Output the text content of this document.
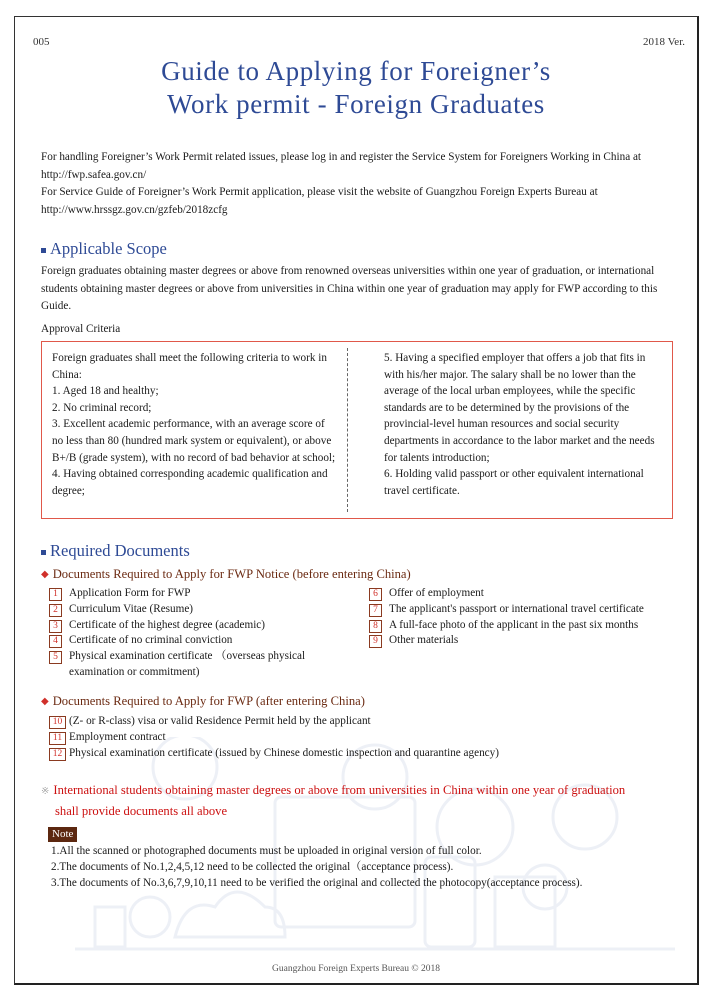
005	2018 Ver.
Guide to Applying for Foreigner’s
Work permit - Foreign Graduates

For handling Foreigner’s Work Permit related issues, please log in and register the Service System for Foreigners Working in China at http://fwp.safea.gov.cn/

For Service Guide of Foreigner’s Work Permit application, please visit the website of Guangzhou Foreign Experts Bureau at http://www.hrssgz.gov.cn/gzfeb/2018zcfg

Applicable Scope
Foreign graduates obtaining master degrees or above from renowned overseas universities within one year of graduation, or international students obtaining master degrees or above from universities in China within one year of graduation may apply for FWP according to this Guide.
Approval Criteria

Foreign graduates shall meet the following criteria to work in China:

1. Aged 18 and healthy;

2. No criminal record;

3. Excellent academic performance, with an average score of no less than 80 (hundred mark system or equivalent), or above B+/B (grade system), with no record of bad behavior at school;

4. Having obtained corresponding academic qualification and degree;

5. Having a specified employer that offers a job that fits in with his/her major. The salary shall be no lower than the average of the local urban employees, while the specific standards are to be determined by the provisions of the provincial-level human resources and social security departments in accordance to the labor market and the needs for talents introduction;

6. Holding valid passport or other equivalent international travel certificate.

Required Documents
◆ Documents Required to Apply for FWP Notice (before entering China)
1 Application Form for FWP
2 Curriculum Vitae (Resume)
3 Certificate of the highest degree (academic)
4 Certificate of no criminal conviction
5 Physical examination certificate （overseas physical examination or commitment)
6 Offer of employment
7 The applicant's passport or international travel certificate
8 A full-face photo of the applicant in the past six months
9 Other materials
◆ Documents Required to Apply for FWP (after entering China)
10 (Z- or R-class) visa or valid Residence Permit held by the applicant
11 Employment contract
12 Physical examination certificate (issued by Chinese domestic inspection and quarantine agency)
※ International students obtaining master degrees or above from universities in China within one year of graduation
shall provide documents all above
Note

1.All the scanned or photographed documents must be uploaded in original version of full color.

2.The documents of No.1,2,4,5,12 need to be collected the original（acceptance process).

3.The documents of No.3,6,7,9,10,11 need to be verified the original and collected the photocopy(acceptance process).

Guangzhou Foreign Experts Bureau © 2018
